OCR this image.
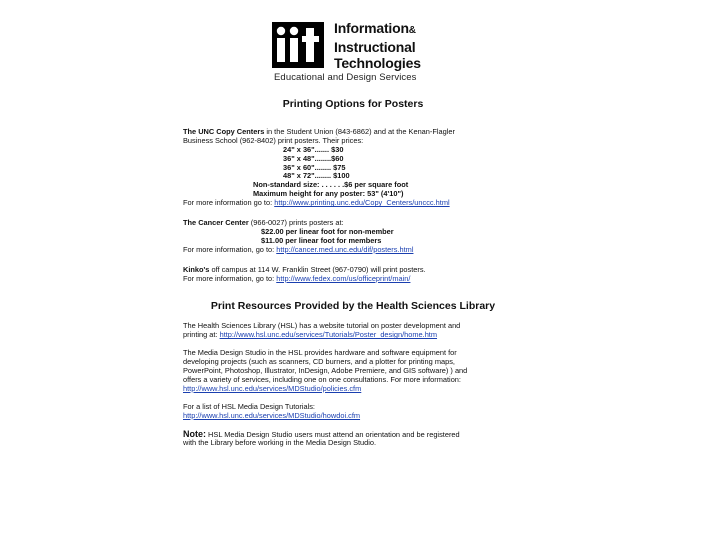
Information&
Instructional
Technologies
Educational and Design Services
Printing Options for Posters

The UNC Copy Centers in the Student Union (843-6862) and at the Kenan-Flagler

Business School (962-8402) print posters. Their prices:

24" x 36"....... $30

36" x 48"........$60

36" x 60"........ $75

48" x 72"........ $100

Non-standard size: . . . . . .$6 per square foot

Maximum height for any poster: 53" (4'10")

For more information go to: http://www.printing.unc.edu/Copy_Centers/unccc.html

The Cancer Center (966-0027) prints posters at:

$22.00 per linear foot for non-member

$11.00 per linear foot for members

For more information, go to: http://cancer.med.unc.edu/dif/posters.html

Kinko's off campus at 114 W. Franklin Street (967-0790) will print posters.

For more information, go to: http://www.fedex.com/us/officeprint/main/

Print Resources Provided by the Health Sciences Library

The Health Sciences Library (HSL) has a website tutorial on poster development and

printing at: http://www.hsl.unc.edu/services/Tutorials/Poster_design/home.htm

The Media Design Studio in the HSL provides hardware and software equipment for

developing projects (such as scanners, CD burners, and a plotter for printing maps,

PowerPoint, Photoshop, Illustrator, InDesign, Adobe Premiere, and GIS software) ) and

offers a variety of services, including one on one consultations. For more information:

http://www.hsl.unc.edu/services/MDStudio/policies.cfm

For a list of HSL Media Design Tutorials:

http://www.hsl.unc.edu/services/MDStudio/howdoi.cfm

Note: HSL Media Design Studio users must attend an orientation and be registered

with the Library before working in the Media Design Studio.
